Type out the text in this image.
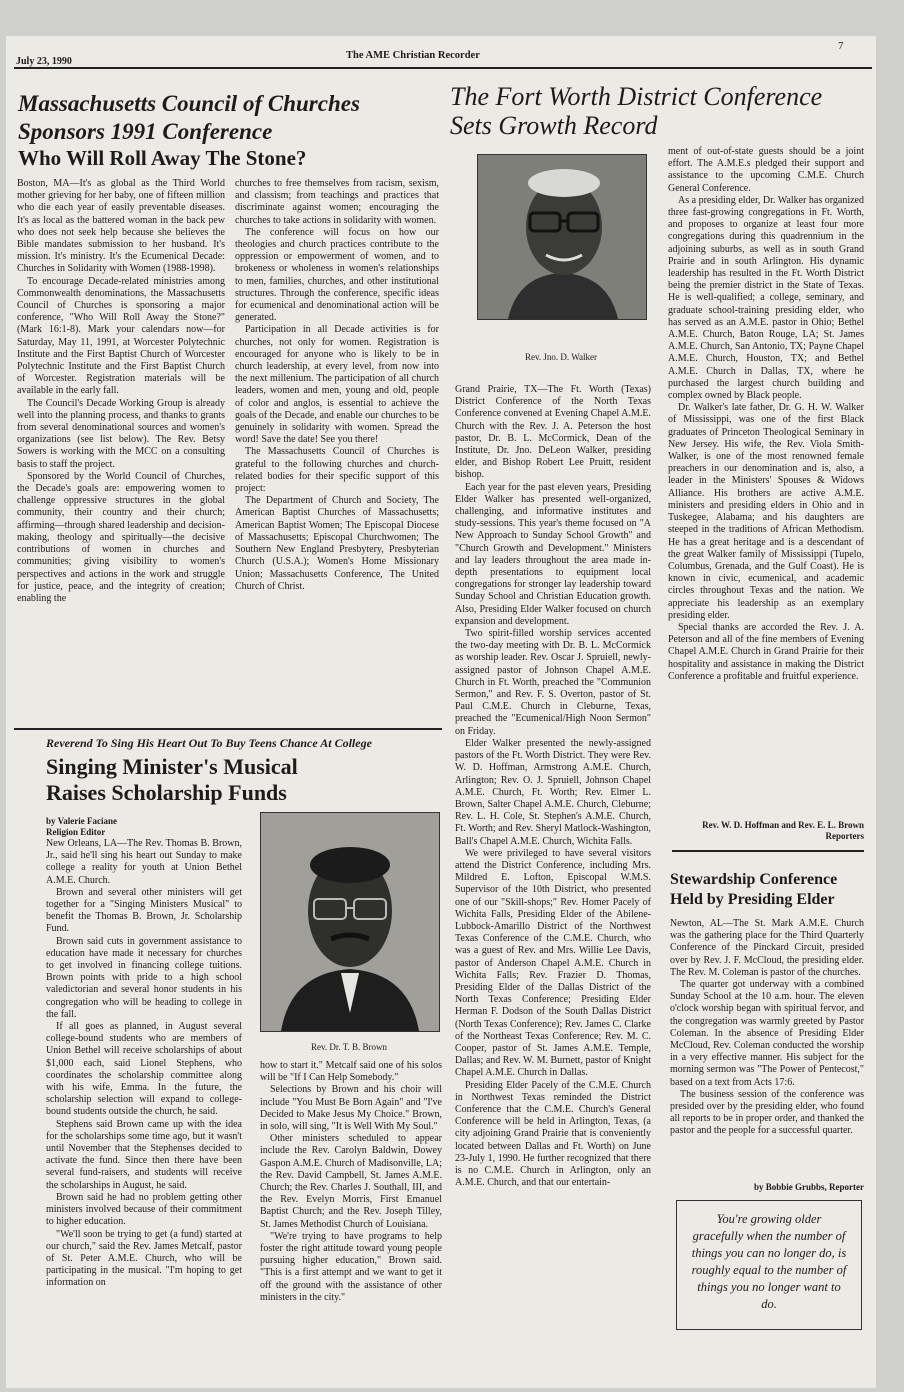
July 23, 1990
The AME Christian Recorder
7
Massachusetts Council of Churches
Sponsors 1991 Conference
Who Will Roll Away The Stone?

Boston, MA—It's as global as the Third World mother grieving for her baby, one of fifteen million who die each year of easily preventable diseases. It's as local as the battered woman in the back pew who does not seek help because she believes the Bible mandates submission to her husband. It's mission. It's ministry. It's the Ecumenical Decade: Churches in Solidarity with Women (1988-1998).

To encourage Decade-related ministries among Commonwealth denominations, the Massachusetts Council of Churches is sponsoring a major conference, "Who Will Roll Away the Stone?" (Mark 16:1-8). Mark your calendars now—for Saturday, May 11, 1991, at Worcester Polytechnic Institute and the First Baptist Church of Worcester Polytechnic Institute and the First Baptist Church of Worcester. Registration materials will be available in the early fall.

The Council's Decade Working Group is already well into the planning process, and thanks to grants from several denominational sources and women's organizations (see list below). The Rev. Betsy Sowers is working with the MCC on a consulting basis to staff the project.

Sponsored by the World Council of Churches, the Decade's goals are: empowering women to challenge oppressive structures in the global community, their country and their church; affirming—through shared leadership and decision-making, theology and spiritually—the decisive contributions of women in churches and communities; giving visibility to women's perspectives and actions in the work and struggle for justice, peace, and the integrity of creation; enabling the

churches to free themselves from racism, sexism, and classism; from teachings and practices that discriminate against women; encouraging the churches to take actions in solidarity with women.

The conference will focus on how our theologies and church practices contribute to the oppression or empowerment of women, and to brokeness or wholeness in women's relationships to men, families, churches, and other institutional structures. Through the conference, specific ideas for ecumenical and denominational action will be generated.

Participation in all Decade activities is for churches, not only for women. Registration is encouraged for anyone who is likely to be in church leadership, at every level, from now into the next millenium. The participation of all church leaders, women and men, young and old, people of color and anglos, is essential to achieve the goals of the Decade, and enable our churches to be genuinely in solidarity with women. Spread the word! Save the date! See you there!

The Massachusetts Council of Churches is grateful to the following churches and church-related bodies for their specific support of this project:

The Department of Church and Society, The American Baptist Churches of Massachusetts; American Baptist Women; The Episcopal Diocese of Massachusetts; Episcopal Churchwomen; The Southern New England Presbytery, Presbyterian Church (U.S.A.); Women's Home Missionary Union; Massachusetts Conference, The United Church of Christ.

The Fort Worth District Conference
Sets Growth Record
Rev. Jno. D. Walker

Grand Prairie, TX—The Ft. Worth (Texas) District Conference of the North Texas Conference convened at Evening Chapel A.M.E. Church with the Rev. J. A. Peterson the host pastor, Dr. B. L. McCormick, Dean of the Institute, Dr. Jno. DeLeon Walker, presiding elder, and Bishop Robert Lee Pruitt, resident bishop.

Each year for the past eleven years, Presiding Elder Walker has presented well-organized, challenging, and informative institutes and study-sessions. This year's theme focused on "A New Approach to Sunday School Growth" and "Church Growth and Development." Ministers and lay leaders throughout the area made in-depth presentations to equipment local congregations for stronger lay leadership toward Sunday School and Christian Education growth. Also, Presiding Elder Walker focused on church expansion and development.

Two spirit-filled worship services accented the two-day meeting with Dr. B. L. McCormick as worship leader. Rev. Oscar J. Spruiell, newly-assigned pastor of Johnson Chapel A.M.E. Church in Ft. Worth, preached the "Communion Sermon," and Rev. F. S. Overton, pastor of St. Paul C.M.E. Church in Cleburne, Texas, preached the "Ecumenical/High Noon Sermon" on Friday.

Elder Walker presented the newly-assigned pastors of the Ft. Worth District. They were Rev. W. D. Hoffman, Armstrong A.M.E. Church, Arlington; Rev. O. J. Spruiell, Johnson Chapel A.M.E. Church, Ft. Worth; Rev. Elmer L. Brown, Salter Chapel A.M.E. Church, Cleburne; Rev. L. H. Cole, St. Stephen's A.M.E. Church, Ft. Worth; and Rev. Sheryl Matlock-Washington, Ball's Chapel A.M.E. Church, Wichita Falls.

We were privileged to have several visitors attend the District Conference, including Mrs. Mildred E. Lofton, Episcopal W.M.S. Supervisor of the 10th District, who presented one of our "Skill-shops;" Rev. Homer Pacely of Wichita Falls, Presiding Elder of the Abilene-Lubbock-Amarillo District of the Northwest Texas Conference of the C.M.E. Church, who was a guest of Rev. and Mrs. Willie Lee Davis, pastor of Anderson Chapel A.M.E. Church in Wichita Falls; Rev. Frazier D. Thomas, Presiding Elder of the Dallas District of the North Texas Conference; Presiding Elder Herman F. Dodson of the South Dallas District (North Texas Conference); Rev. James C. Clarke of the Northeast Texas Conference; Rev. M. C. Cooper, pastor of St. James A.M.E. Temple, Dallas; and Rev. W. M. Burnett, pastor of Knight Chapel A.M.E. Church in Dallas.

Presiding Elder Pacely of the C.M.E. Church in Northwest Texas reminded the District Conference that the C.M.E. Church's General Conference will be held in Arlington, Texas, (a city adjoining Grand Prairie that is conveniently located between Dallas and Ft. Worth) on June 23-July 1, 1990. He further recognized that there is no C.M.E. Church in Arlington, only an A.M.E. Church, and that our entertain-

ment of out-of-state guests should be a joint effort. The A.M.E.s pledged their support and assistance to the upcoming C.M.E. Church General Conference.

As a presiding elder, Dr. Walker has organized three fast-growing congregations in Ft. Worth, and proposes to organize at least four more congregations during this quadrennium in the adjoining suburbs, as well as in south Grand Prairie and in south Arlington. His dynamic leadership has resulted in the Ft. Worth District being the premier district in the State of Texas. He is well-qualified; a college, seminary, and graduate school-training presiding elder, who has served as an A.M.E. pastor in Ohio; Bethel A.M.E. Church, Baton Rouge, LA; St. James A.M.E. Church, San Antonio, TX; Payne Chapel A.M.E. Church, Houston, TX; and Bethel A.M.E. Church in Dallas, TX, where he purchased the largest church building and complex owned by Black people.

Dr. Walker's late father, Dr. G. H. W. Walker of Mississippi, was one of the first Black graduates of Princeton Theological Seminary in New Jersey. His wife, the Rev. Viola Smith-Walker, is one of the most renowned female preachers in our denomination and is, also, a leader in the Ministers' Spouses & Widows Alliance. His brothers are active A.M.E. ministers and presiding elders in Ohio and in Tuskegee, Alabama; and his daughters are steeped in the traditions of African Methodism. He has a great heritage and is a descendant of the great Walker family of Mississippi (Tupelo, Columbus, Grenada, and the Gulf Coast). He is known in civic, ecumenical, and academic circles throughout Texas and the nation. We appreciate his leadership as an exemplary presiding elder.

Special thanks are accorded the Rev. J. A. Peterson and all of the fine members of Evening Chapel A.M.E. Church in Grand Prairie for their hospitality and assistance in making the District Conference a profitable and fruitful experience.

Rev. W. D. Hoffman and Rev. E. L. Brown
Reporters
Reverend To Sing His Heart Out To Buy Teens Chance At College
Singing Minister's Musical
Raises Scholarship Funds
by Valerie Faciane
Religion Editor
Rev. Dr. T. B. Brown

New Orleans, LA—The Rev. Thomas B. Brown, Jr., said he'll sing his heart out Sunday to make college a reality for youth at Union Bethel A.M.E. Church.

Brown and several other ministers will get together for a "Singing Ministers Musical" to benefit the Thomas B. Brown, Jr. Scholarship Fund.

Brown said cuts in government assistance to education have made it necessary for churches to get involved in financing college tuitions. Brown points with pride to a high school valedictorian and several honor students in his congregation who will be heading to college in the fall.

If all goes as planned, in August several college-bound students who are members of Union Bethel will receive scholarships of about $1,000 each, said Lionel Stephens, who coordinates the scholarship committee along with his wife, Emma. In the future, the scholarship selection will expand to college-bound students outside the church, he said.

Stephens said Brown came up with the idea for the scholarships some time ago, but it wasn't until November that the Stephenses decided to activate the fund. Since then there have been several fund-raisers, and students will receive the scholarships in August, he said.

Brown said he had no problem getting other ministers involved because of their commitment to higher education.

"We'll soon be trying to get (a fund) started at our church," said the Rev. James Metcalf, pastor of St. Peter A.M.E. Church, who will be participating in the musical. "I'm hoping to get information on

how to start it." Metcalf said one of his solos will be "If I Can Help Somebody."

Selections by Brown and his choir will include "You Must Be Born Again" and "I've Decided to Make Jesus My Choice." Brown, in solo, will sing, "It is Well With My Soul."

Other ministers scheduled to appear include the Rev. Carolyn Baldwin, Dowey Gaspon A.M.E. Church of Madisonville, LA; the Rev. David Campbell, St. James A.M.E. Church; the Rev. Charles J. Southall, III, and the Rev. Evelyn Morris, First Emanuel Baptist Church; and the Rev. Joseph Tilley, St. James Methodist Church of Louisiana.

"We're trying to have programs to help foster the right attitude toward young people pursuing higher education," Brown said. "This is a first attempt and we want to get it off the ground with the assistance of other ministers in the city."

Stewardship Conference
Held by Presiding Elder

Newton, AL—The St. Mark A.M.E. Church was the gathering place for the Third Quarterly Conference of the Pinckard Circuit, presided over by Rev. J. F. McCloud, the presiding elder. The Rev. M. Coleman is pastor of the churches.

The quarter got underway with a combined Sunday School at the 10 a.m. hour. The eleven o'clock worship began with spiritual fervor, and the congregation was warmly greeted by Pastor Coleman. In the absence of Presiding Elder McCloud, Rev. Coleman conducted the worship in a very effective manner. His subject for the morning sermon was "The Power of Pentecost," based on a text from Acts 17:6.

The business session of the conference was presided over by the presiding elder, who found all reports to be in proper order, and thanked the pastor and the people for a successful quarter.

by Bobbie Grubbs, Reporter
You're growing older gracefully when the number of things you can no longer do, is roughly equal to the number of things you no longer want to do.
